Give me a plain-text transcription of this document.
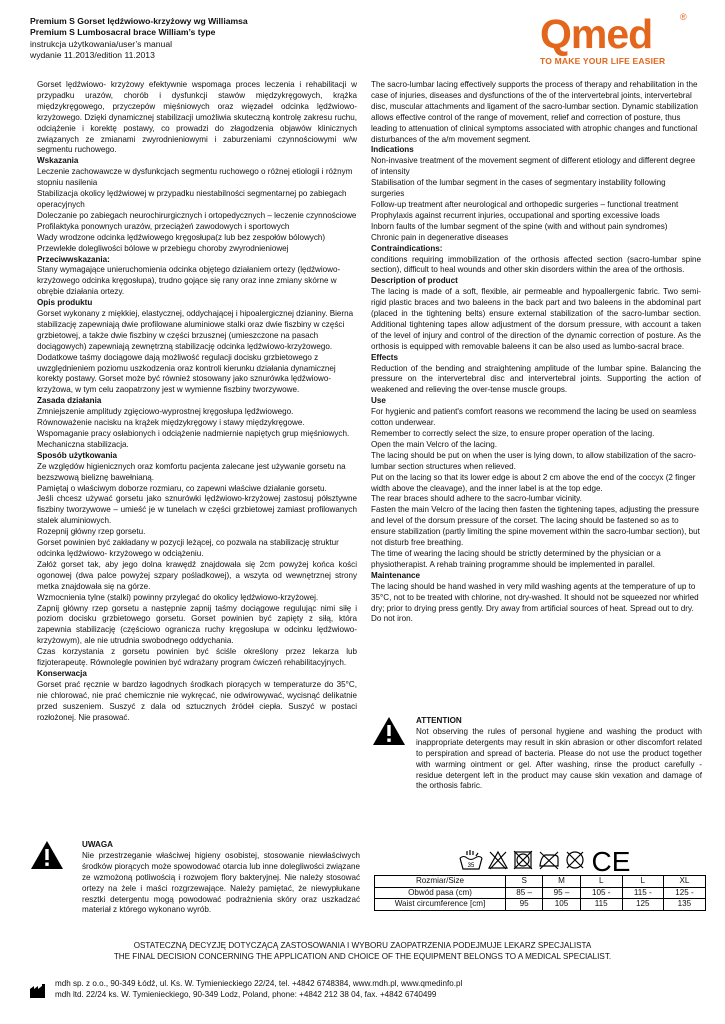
Premium S Gorset lędźwiowo-krzyżowy wg Williamsa
Premium S Lumbosacral brace William’s type
instrukcja użytkowania/user’s manual
wydanie 11.2013/edition 11.2013	Qmed	®
TO MAKE YOUR LIFE EASIER

Gorset lędźwiowo- krzyżowy efektywnie wspomaga proces leczenia i rehabilitacji w przypadku urazów, chorób i dysfunkcji stawów międzykręgowych, krążka międzykręgowego, przyczepów mięśniowych oraz więzadeł odcinka lędźwiowo-krzyżowego. Dzięki dynamicznej stabilizacji umożliwia skuteczną kontrolę zakresu ruchu, odciążenie i korektę postawy, co prowadzi do złagodzenia objawów klinicznych związanych ze zmianami zwyrodnieniowymi i zaburzeniami czynnościowymi w/w segmentu ruchowego.

Wskazania

Leczenie zachowawcze w dysfunkcjach segmentu ruchowego o różnej etiologii i różnym stopniu nasilenia

Stabilizacja okolicy lędźwiowej w przypadku niestabilności segmentarnej po zabiegach operacyjnych

Doleczanie po zabiegach neurochirurgicznych i ortopedycznych – leczenie czynnościowe

Profilaktyka ponownych urazów, przeciążeń zawodowych i sportowych

Wady wrodzone odcinka lędźwiowego kręgosłupa(z lub bez zespołów bólowych)

Przewlekłe dolegliwości bólowe w przebiegu choroby zwyrodnieniowej

Przeciwwskazania:

Stany wymagające unieruchomienia odcinka objętego działaniem ortezy (lędźwiowo- krzyżowego odcinka kręgosłupa), trudno gojące się rany oraz inne zmiany skórne w obrębie działania ortezy.

Opis produktu

Gorset wykonany z miękkiej, elastycznej, oddychającej i hipoalergicznej dzianiny. Bierna stabilizację zapewniają dwie profilowane aluminiowe stalki oraz dwie fiszbiny w części grzbietowej, a także dwie fiszbiny w części brzusznej (umieszczone na pasach dociągowych) zapewniają zewnętrzną stabilizację odcinka lędźwiowo-krzyżowego. Dodatkowe taśmy dociągowe dają możliwość regulacji docisku grzbietowego z uwzględnieniem poziomu uszkodzenia oraz kontroli kierunku działania dynamicznej korekty postawy. Gorset może być również stosowany jako sznurówka lędźwiowo- krzyżowa, w tym celu zaopatrzony jest w wymienne fiszbiny tworzywowe.

Zasada działania

Zmniejszenie amplitudy zgięciowo-wyprostnej kręgosłupa lędźwiowego.

Równoważenie nacisku na krążek międzykręgowy i stawy międzykręgowe.

Wspomaganie pracy osłabionych i odciążenie nadmiernie napiętych grup mięśniowych.

Mechaniczna stabilizacja.

Sposób użytkowania

Ze względów higienicznych oraz komfortu pacjenta zalecane jest używanie gorsetu na bezszwową bieliznę bawełnianą.

Pamiętaj o właściwym doborze rozmiaru, co zapewni właściwe działanie gorsetu.

Jeśli chcesz używać gorsetu jako sznurówki lędźwiowo-krzyżowej zastosuj półsztywne fiszbiny tworzywowe – umieść je w tunelach w części grzbietowej zamiast profilowanych stalek aluminiowych.

Rozepnij główny rzep gorsetu.

Gorset powinien być zakładany w pozycji leżącej, co pozwala na stabilizację struktur odcinka lędźwiowo- krzyżowego w odciążeniu.

Załóż gorset tak, aby jego dolna krawędź znajdowała się 2cm powyżej końca kości ogonowej (dwa palce powyżej szpary pośladkowej), a wszyta od wewnętrznej strony metka znajdowała się na górze.

Wzmocnienia tylne (stalki) powinny przylegać do okolicy lędźwiowo-krzyżowej.

Zapnij główny rzep gorsetu a następnie zapnij taśmy dociągowe regulując nimi siłę i poziom docisku grzbietowego gorsetu. Gorset powinien być zapięty z siłą, która zapewnia stabilizację (częściowo ogranicza ruchy kręgosłupa w odcinku lędźwiowo-krzyżowym), ale nie utrudnia swobodnego oddychania.

Czas korzystania z gorsetu powinien być ściśle określony przez lekarza lub fizjoterapeutę. Równolegle powinien być wdrażany program ćwiczeń rehabilitacyjnych.

Konserwacja

Gorset prać ręcznie w bardzo łagodnych środkach piorących w temperaturze do 35°C, nie chlorować, nie prać chemicznie nie wykręcać, nie odwirowywać, wycisnąć delikatnie przed suszeniem. Suszyć z dala od sztucznych źródeł ciepła. Suszyć w postaci rozłożonej. Nie prasować.

The sacro-lumbar lacing effectively supports the process of therapy and rehabilitation in the case of injuries, diseases and dysfunctions of the of the intervertebral joints, intervertebral disc, muscular attachments and ligament of the sacro-lumbar section. Dynamic stabilization allows effective control of the range of movement, relief and correction of posture, thus leading to attenuation of clinical symptoms associated with atrophic changes and functional disturbances of the a/m movement segment.

Indications

Non-invasive treatment of the movement segment of different etiology and different degree of intensity

Stabilisation of the lumbar segment in the cases of segmentary instability following surgeries

Follow-up treatment after neurological and orthopedic surgeries – functional treatment

Prophylaxis against recurrent injuries, occupational and sporting excessive loads

Inborn faults of the lumbar segment of the spine (with and without pain syndromes)

Chronic pain in degenerative diseases

Contraindications:

conditions requiring immobilization of the orthosis affected section (sacro-lumbar spine section), difficult to heal wounds and other skin disorders within the area of the orthosis.

Description of product

The lacing is made of a soft, flexible, air permeable and hypoallergenic fabric. Two semi-rigid plastic braces and two baleens in the back part and two baleens in the abdominal part (placed in the tightening belts) ensure external stabilization of the sacro-lumbar section. Additional tightening tapes allow adjustment of the dorsum pressure, with account a taken of the level of injury and control of the direction of the dynamic correction of posture. As the orthosis is equipped with removable baleens it can be also used as lumbo-sacral brace.

Effects

Reduction of the bending and straightening amplitude of the lumbar spine. Balancing the pressure on the intervertebral disc and intervertebral joints. Supporting the action of weakened and relieving the over-tense muscle groups.

Use

For hygienic and patient's comfort reasons we recommend the lacing be used on seamless cotton underwear.

Remember to correctly select the size, to ensure proper operation of the lacing.

Open the main Velcro of the lacing.

The lacing should be put on when the user is lying down, to allow stabilization of the sacro-lumbar section structures when relieved.

Put on the lacing so that its lower edge is about 2 cm above the end of the coccyx (2 finger width above the cleavage), and the inner label is at the top edge.

The rear braces should adhere to the sacro-lumbar vicinity.

Fasten the main Velcro of the lacing then fasten the tightening tapes, adjusting the pressure and level of the dorsum pressure of the corset. The lacing should be fastened so as to ensure stabilization (partly limiting the spine movement within the sacro-lumbar section), but not disturb free breathing.

The time of wearing the lacing should be strictly determined by the physician or a physiotherapist. A rehab training programme should be implemented in parallel.

Maintenance

The lacing should be hand washed in very mild washing agents at the temperature of up to 35°C, not to be treated with chlorine, not dry-washed. It should not be squeezed nor whirled dry; prior to drying press gently. Dry away from artificial sources of heat. Spread out to dry. Do not iron.

UWAGA
Nie przestrzeganie właściwej higieny osobistej, stosowanie niewłaściwych środków piorących może spowodować otarcia lub inne dolegliwości związane ze wzmożoną potliwością i rozwojem flory bakteryjnej. Nie należy stosować ortezy na żele i maści rozgrzewające. Należy pamiętać, że niewypłukane resztki detergentu mogą powodować podrażnienia skóry oraz uszkadzać materiał z którego wykonano wyrób.
ATTENTION
Not observing the rules of personal hygiene and washing the product with inappropriate detergents may result in skin abrasion or other discomfort related to perspiration and spread of bacteria. Please do not use the product together with warming ointment or gel. After washing, rinse the product carefully - residue detergent left in the product may cause skin vexation and damage of the orthosis fabric.
35	CE
Rozmiar/Size	S	M	L	L	XL
Obwód pasa (cm)	85 –	95 –	105 -	115 -	125 -
Waist circumference [cm]	95	105	115	125	135
OSTATECZNĄ DECYZJĘ DOTYCZĄCĄ ZASTOSOWANIA I WYBORU ZAOPATRZENIA PODEJMUJE LEKARZ SPECJALISTA
THE FINAL DECISION CONCERNING THE APPLICATION AND CHOICE OF THE EQUIPMENT BELONGS TO A MEDICAL SPECIALIST.
mdh sp. z o.o., 90-349 Łódź, ul. Ks. W. Tymienieckiego 22/24, tel. +4842 6748384, www.mdh.pl, www.qmedinfo.pl
mdh ltd. 22/24 ks. W. Tymienieckiego, 90-349 Lodz, Poland, phone: +4842 212 38 04, fax. +4842 6740499
